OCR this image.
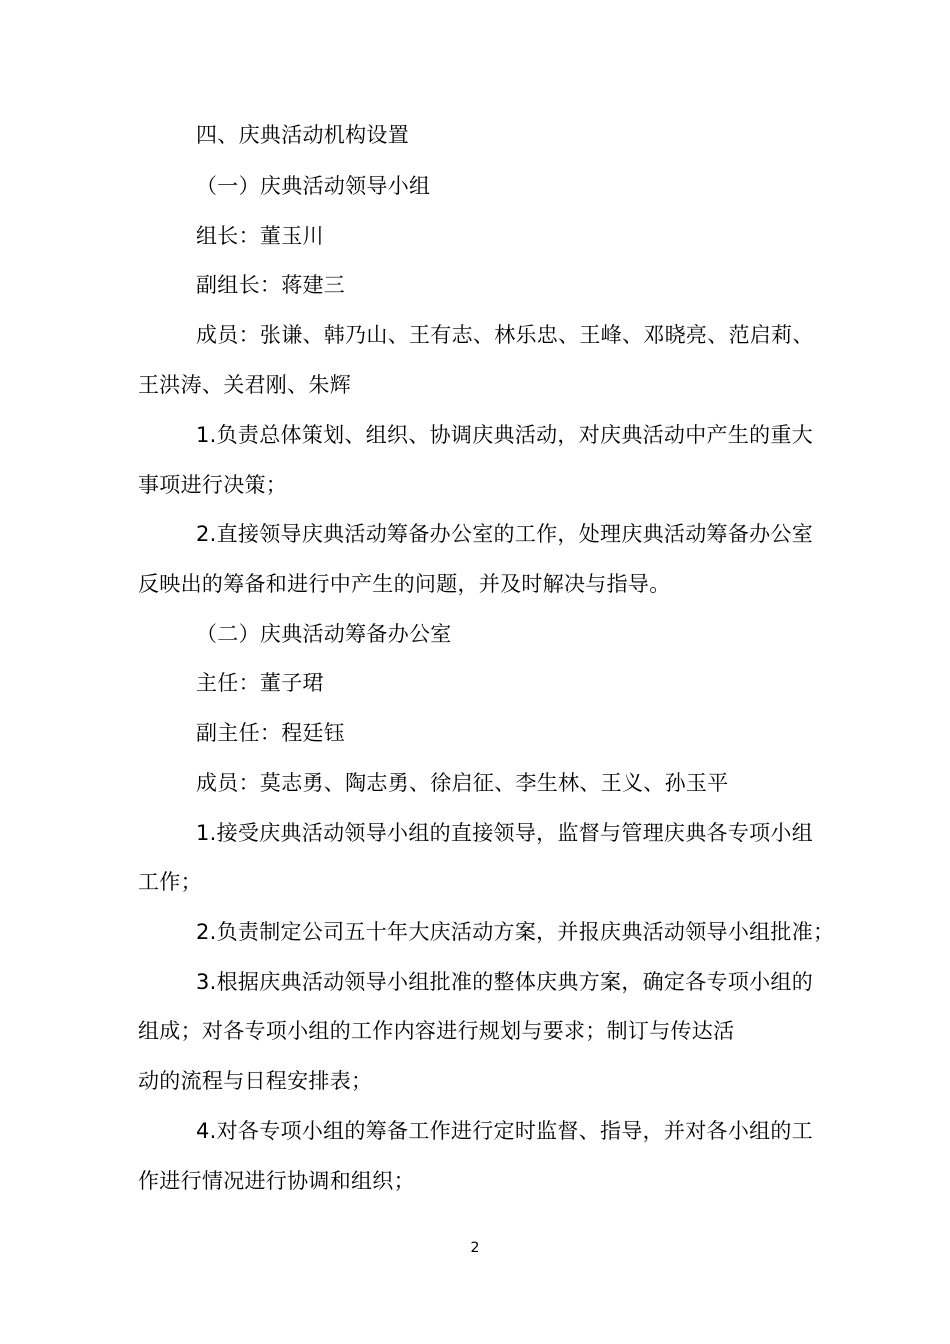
四、庆典活动机构设置
（一）庆典活动领导小组
组长：董玉川
副组长：蒋建三
成员：张谦、韩乃山、王有志、林乐忠、王峰、邓晓亮、范启莉、
王洪涛、关君刚、朱辉
1.负责总体策划、组织、协调庆典活动，对庆典活动中产生的重大
事项进行决策；
2.直接领导庆典活动筹备办公室的工作，处理庆典活动筹备办公室
反映出的筹备和进行中产生的问题，并及时解决与指导。
（二）庆典活动筹备办公室
主任：董子珺
副主任：程廷钰
成员：莫志勇、陶志勇、徐启征、李生林、王义、孙玉平
1.接受庆典活动领导小组的直接领导，监督与管理庆典各专项小组
工作；
2.负责制定公司五十年大庆活动方案，并报庆典活动领导小组批准；
3.根据庆典活动领导小组批准的整体庆典方案，确定各专项小组的
组成；对各专项小组的工作内容进行规划与要求；制订与传达活
动的流程与日程安排表；
4.对各专项小组的筹备工作进行定时监督、指导，并对各小组的工
作进行情况进行协调和组织；
2
